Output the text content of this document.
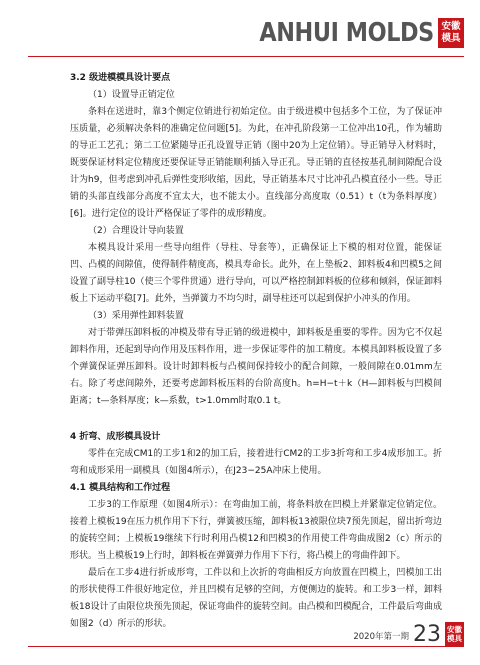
ANHUI MOLDS 安徽
模具

3.2 级进模模具设计要点

（1）设置导正销定位

条料在送进时，靠3个侧定位销进行初始定位。由于级进模中包括多个工位，为了保证冲压质量，必须解决条料的准确定位问题[5]。为此，在冲孔阶段第一工位冲出10孔，作为辅助的导正工艺孔；第二工位紧随导正孔设置导正销（图中20为上定位销）。导正销导入材料时，既要保证材料定位精度还要保证导正销能顺利插入导正孔。导正销的直径按基孔制间隙配合设计为h9，但考虑到冲孔后弹性变形收缩，因此，导正销基本尺寸比冲孔凸模直径小一些。导正销的头部直线部分高度不宜太大，也不能太小。直线部分高度取（0.51）t（t为条料厚度）[6]。进行定位的设计严格保证了零件的成形精度。

（2）合理设计导向装置

本模具设计采用一些导向组件（导柱、导套等），正确保证上下模的相对位置，能保证凹、凸模的间隙值，使得制件精度高，模具寿命长。此外，在上垫板2、卸料板4和凹模5之间设置了副导柱10（使三个零件贯通）进行导向，可以严格控制卸料板的位移和倾斜，保证卸料板上下运动平稳[7]。此外，当弹簧力不均匀时，副导柱还可以起到保护小冲头的作用。

（3）采用弹性卸料装置

对于带弹压卸料板的冲模及带有导正销的级进模中，卸料板是重要的零件。因为它不仅起卸料作用，还起到导向作用及压料作用，进一步保证零件的加工精度。本模具卸料板设置了多个弹簧保证弹压卸料。设计时卸料板与凸模间保持较小的配合间隙，一般间隙在0.01mm左右。除了考虑间隙外，还要考虑卸料板压料的台阶高度h。h=H−t＋k（H—卸料板与凹模间距离；t—条料厚度；k—系数，t>1.0mm时取0.1 t。

4 折弯、成形模具设计

零件在完成CM1的工步1和2的加工后，接着进行CM2的工步3折弯和工步4成形加工。折弯和成形采用一副模具（如图4所示），在J23−25A冲床上使用。

4.1 模具结构和工作过程

工步3的工作原理（如图4所示）：在弯曲加工前，将条料放在凹模上并紧靠定位销定位。接着上模板19在压力机作用下下行，弹簧被压缩，卸料板13被限位块7预先顶起，留出折弯边的旋转空间；上模板19继续下行时利用凸模12和凹模3的作用使工件弯曲成图2（c）所示的形状。当上模板19上行时，卸料板在弹簧弹力作用下下行，将凸模上的弯曲件卸下。

最后在工步4进行折成形弯，工件以和上次折的弯曲相反方向放置在凹模上，凹模加工出的形状使得工件很好地定位，并且凹模有足够的空间，方便侧边的旋转。和工步3一样，卸料板18设计了由限位块预先顶起，保证弯曲件的旋转空间。由凸模和凹模配合，工件最后弯曲成如图2（d）所示的形状。

2020年第一期 23 安徽
模具
